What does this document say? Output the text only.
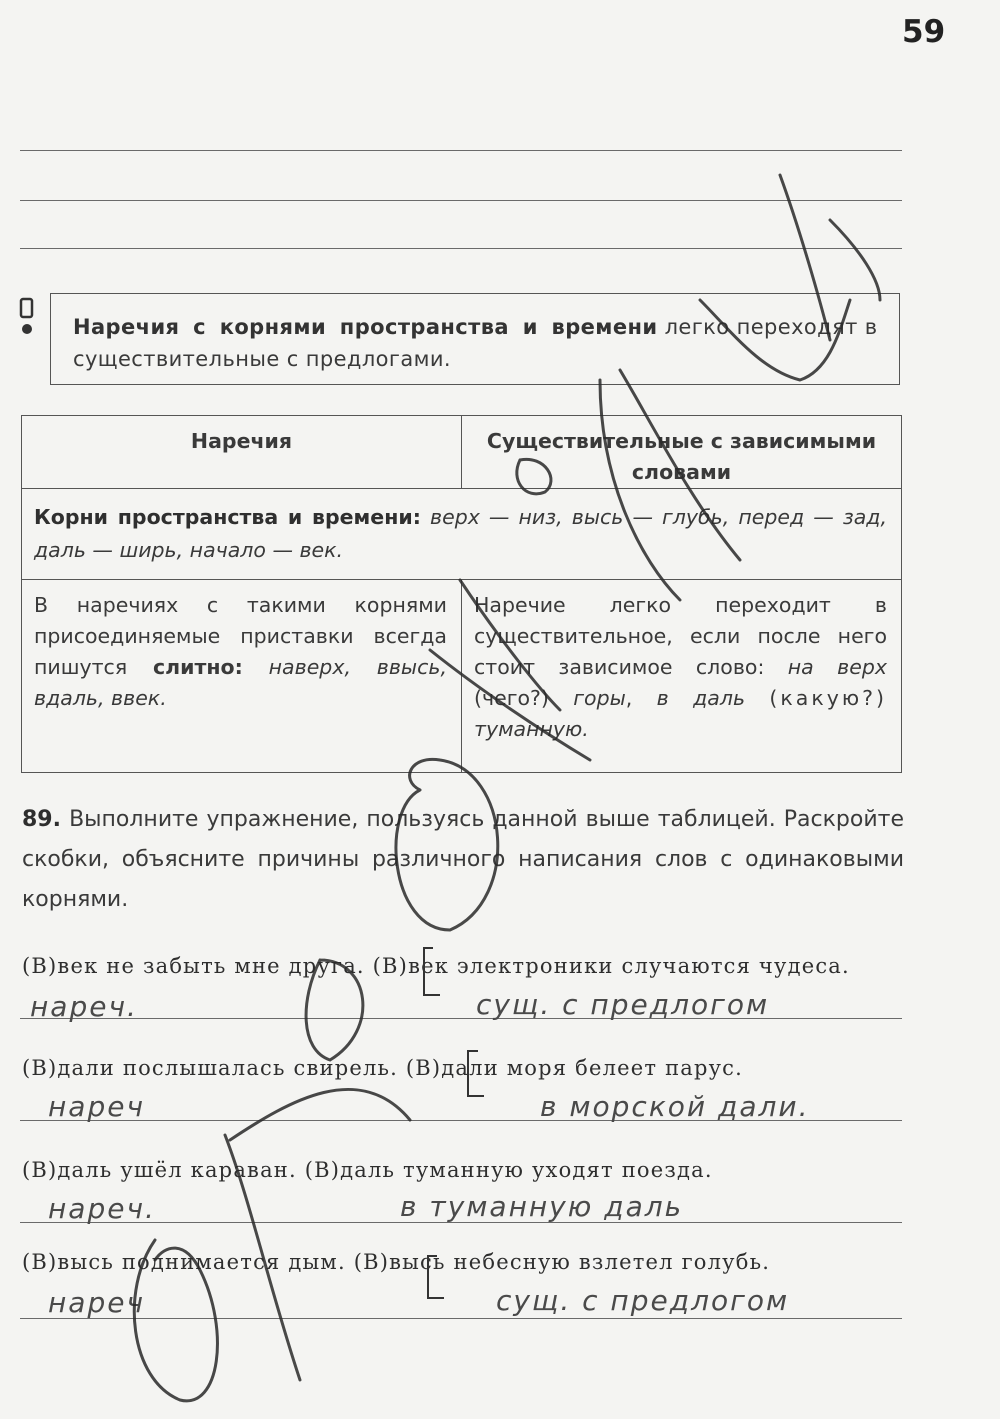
59
Наречия с корнями пространства и времени легко переходят в существительные с предлогами.
Наречия	Существительные с зависимыми словами
Корни пространства и времени: верх — низ, высь — глубь, перед — зад, даль — ширь, начало — век.	
В наречиях с такими корнями присоединяемые приставки всегда пишутся слитно: наверх, ввысь, вдаль, ввек.	Наречие легко переходит в существительное, если после него стоит зависимое слово: на верх (чего?) горы, в даль (какую?) туманную.
89. Выполните упражнение, пользуясь данной выше таблицей. Раскройте скобки, объясните причины различного написания слов с одинаковыми корнями.
(В)век не забыть мне друга. (В)век электроники случаются чудеса.
нареч.	сущ. с предлогом
(В)дали послышалась свирель. (В)дали моря белеет парус.
нареч	в морской дали.
(В)даль ушёл караван. (В)даль туманную уходят поезда.
нареч.	в туманную даль
(В)высь поднимается дым. (В)высь небесную взлетел голубь.
нареч	сущ. с предлогом
